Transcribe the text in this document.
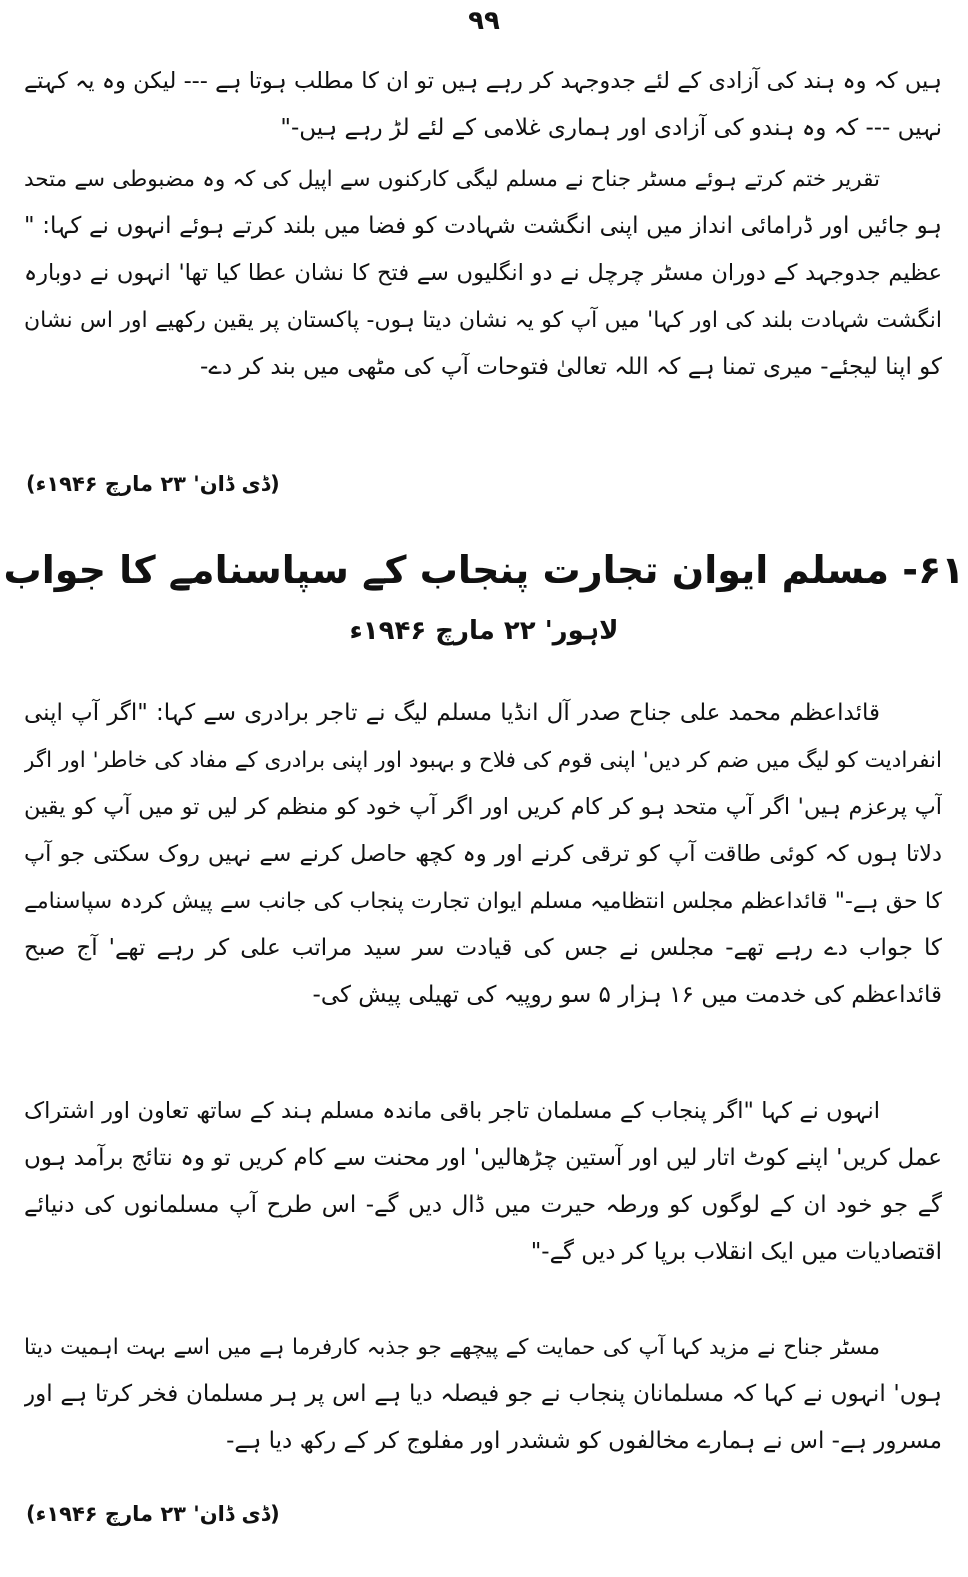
۹۹
ہیں کہ وہ ہند کی آزادی کے لئے جدوجہد کر رہے ہیں تو ان کا مطلب ہوتا ہے --- لیکن وہ یہ کہتے
نہیں --- کہ وہ ہندو کی آزادی اور ہماری غلامی کے لئے لڑ رہے ہیں-"
تقریر ختم کرتے ہوئے مسٹر جناح نے مسلم لیگی کارکنوں سے اپیل کی کہ وہ مضبوطی سے متحد
ہو جائیں اور ڈرامائی انداز میں اپنی انگشت شہادت کو فضا میں بلند کرتے ہوئے انہوں نے کہا: "
عظیم جدوجہد کے دوران مسٹر چرچل نے دو انگلیوں سے فتح کا نشان عطا کیا تھا' انہوں نے دوبارہ
انگشت شہادت بلند کی اور کہا' میں آپ کو یہ نشان دیتا ہوں- پاکستان پر یقین رکھیے اور اس نشان
کو اپنا لیجئے- میری تمنا ہے کہ اللہ تعالیٰ فتوحات آپ کی مٹھی میں بند کر دے-
(ڈی ڈان' ۲۳ مارچ ۱۹۴۶ء)
۶۱- مسلم ایوان تجارت پنجاب کے سپاسنامے کا جواب
لاہور' ۲۲ مارچ ۱۹۴۶ء
قائداعظم محمد علی جناح صدر آل انڈیا مسلم لیگ نے تاجر برادری سے کہا: "اگر آپ اپنی
انفرادیت کو لیگ میں ضم کر دیں' اپنی قوم کی فلاح و بہبود اور اپنی برادری کے مفاد کی خاطر' اور اگر
آپ پرعزم ہیں' اگر آپ متحد ہو کر کام کریں اور اگر آپ خود کو منظم کر لیں تو میں آپ کو یقین
دلاتا ہوں کہ کوئی طاقت آپ کو ترقی کرنے اور وہ کچھ حاصل کرنے سے نہیں روک سکتی جو آپ
کا حق ہے-" قائداعظم مجلس انتظامیہ مسلم ایوان تجارت پنجاب کی جانب سے پیش کردہ سپاسنامے
کا جواب دے رہے تھے- مجلس نے جس کی قیادت سر سید مراتب علی کر رہے تھے' آج صبح
قائداعظم کی خدمت میں ۱۶ ہزار ۵ سو روپیہ کی تھیلی پیش کی-
انہوں نے کہا "اگر پنجاب کے مسلمان تاجر باقی ماندہ مسلم ہند کے ساتھ تعاون اور اشتراک
عمل کریں' اپنے کوٹ اتار لیں اور آستین چڑھالیں' اور محنت سے کام کریں تو وہ نتائج برآمد ہوں
گے جو خود ان کے لوگوں کو ورطہ حیرت میں ڈال دیں گے- اس طرح آپ مسلمانوں کی دنیائے
اقتصادیات میں ایک انقلاب برپا کر دیں گے-"
مسٹر جناح نے مزید کہا آپ کی حمایت کے پیچھے جو جذبہ کارفرما ہے میں اسے بہت اہمیت دیتا
ہوں' انہوں نے کہا کہ مسلمانان پنجاب نے جو فیصلہ دیا ہے اس پر ہر مسلمان فخر کرتا ہے اور
مسرور ہے- اس نے ہمارے مخالفوں کو ششدر اور مفلوج کر کے رکھ دیا ہے-
(ڈی ڈان' ۲۳ مارچ ۱۹۴۶ء)
